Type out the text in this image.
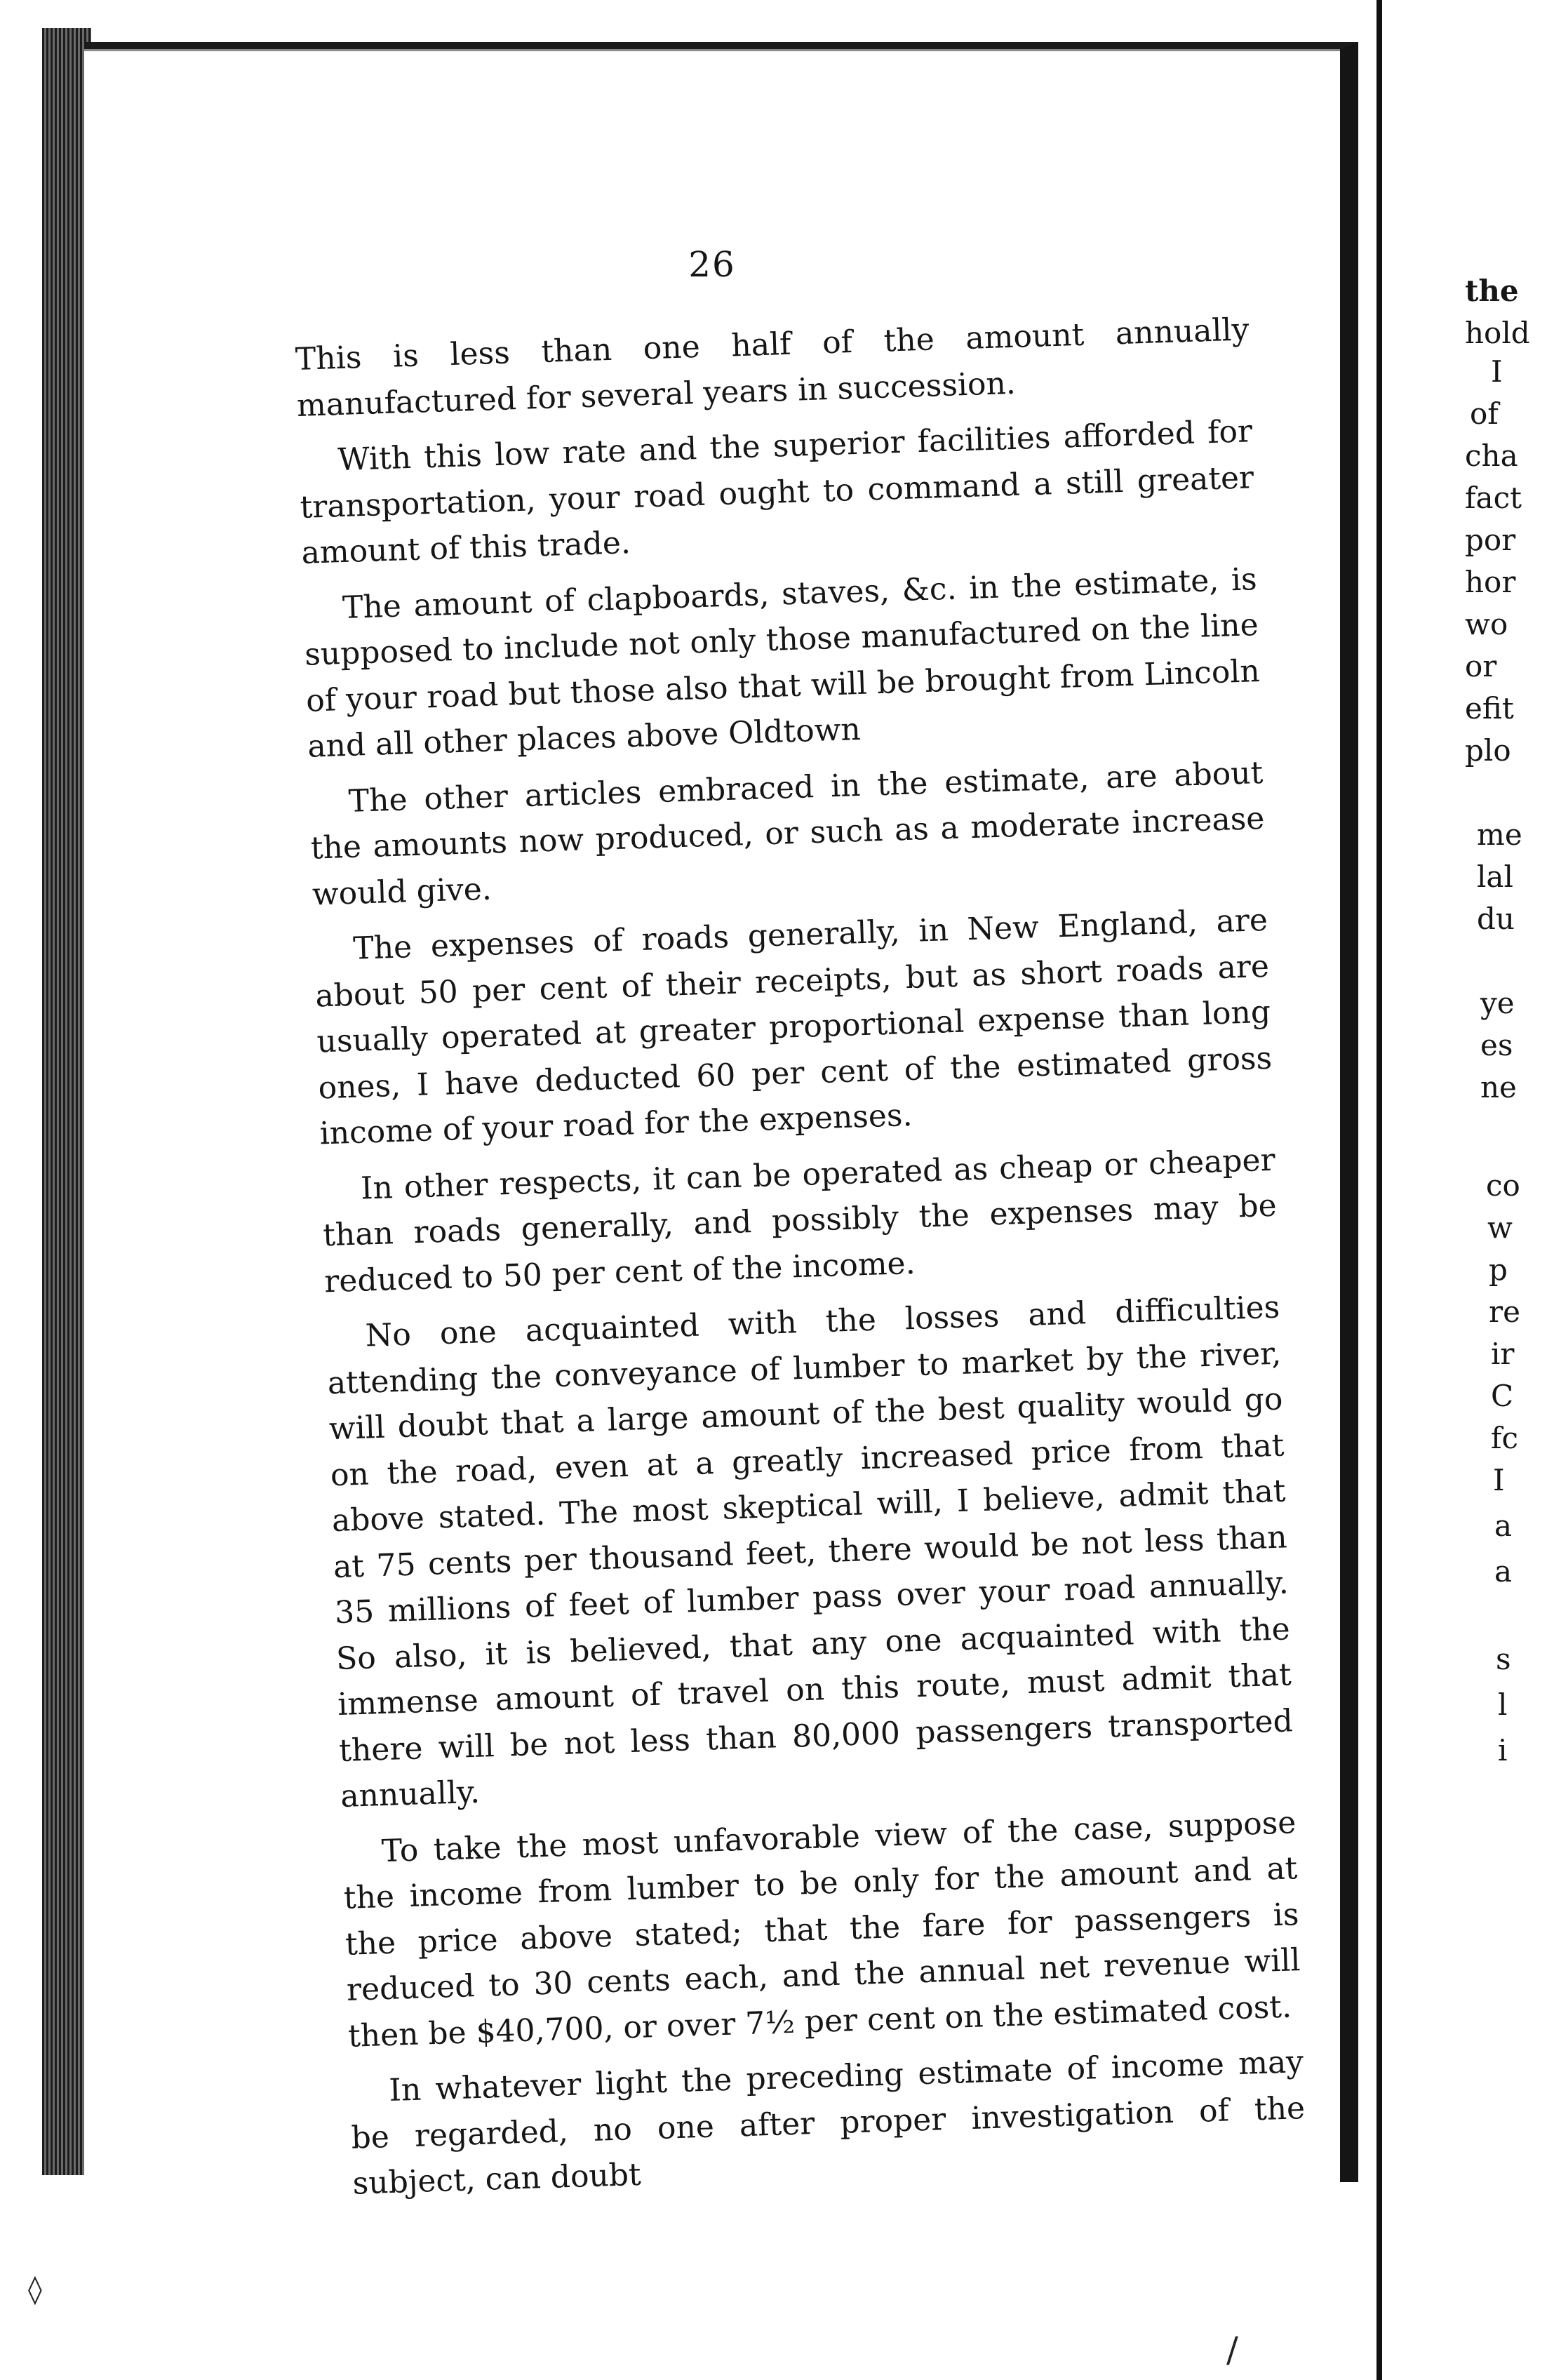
26

This is less than one half of the amount annually manufactured for several years in succession.

With this low rate and the superior facilities afforded for transportation, your road ought to command a still greater amount of this trade.

The amount of clapboards, staves, &c. in the estimate, is supposed to include not only those manufactured on the line of your road but those also that will be brought from Lincoln and all other places above Oldtown

The other articles embraced in the estimate, are about the amounts now produced, or such as a moderate increase would give.

The expenses of roads generally, in New England, are about 50 per cent of their receipts, but as short roads are usually operated at greater proportional expense than long ones, I have deducted 60 per cent of the estimated gross income of your road for the expenses.

In other respects, it can be operated as cheap or cheaper than roads generally, and possibly the expenses may be reduced to 50 per cent of the income.

No one acquainted with the losses and difficulties attending the conveyance of lumber to market by the river, will doubt that a large amount of the best quality would go on the road, even at a greatly increased price from that above stated. The most skeptical will, I believe, admit that at 75 cents per thousand feet, there would be not less than 35 millions of feet of lumber pass over your road annually. So also, it is believed, that any one acquainted with the immense amount of travel on this route, must admit that there will be not less than 80,000 passengers transported annually.

To take the most unfavorable view of the case, suppose the income from lumber to be only for the amount and at the price above stated; that the fare for passengers is reduced to 30 cents each, and the annual net revenue will then be $40,700, or over 7½ per cent on the estimated cost.

In whatever light the preceding estimate of income may be regarded, no one after proper investigation of the subject, can doubt

the
hold
I
of
cha
fact
por
hor
wo
or
efit
plo
me
lal
du
ye
es
ne
co
w
p
re
ir
C
fc
I
a
a
s
l
i
◊
/
